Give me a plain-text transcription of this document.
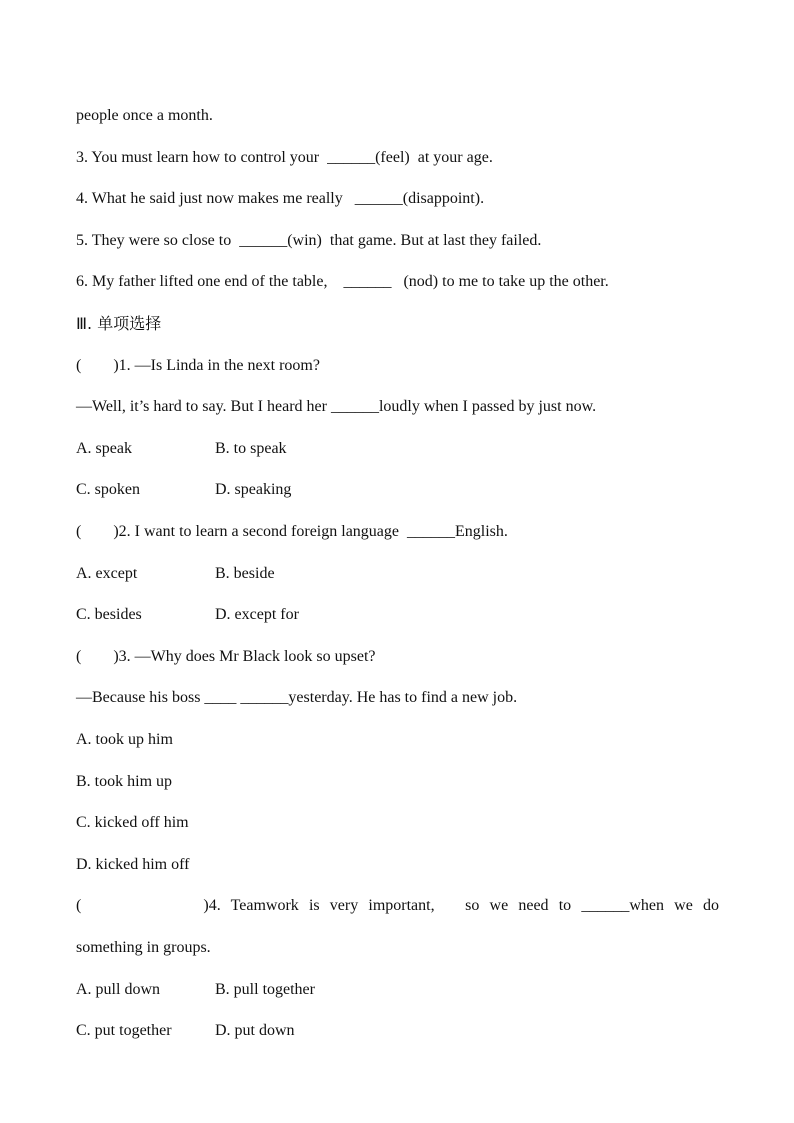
people once a month.
3. You must learn how to control your  ______(feel)  at your age.
4. What he said just now makes me really   ______(disappoint).
5. They were so close to  ______(win)  that game. But at last they failed.
6. My father lifted one end of the table,    ______   (nod) to me to take up the other.
Ⅲ. 单项选择
(        )1. —Is Linda in the next room?
—Well, it’s hard to say. But I heard her ______loudly when I passed by just now.
A. speak	B. to speak
C. spoken	D. speaking
(        )2. I want to learn a second foreign language  ______English.
A. except	B. beside
C. besides	D. except for
(        )3. —Why does Mr Black look so upset?
—Because his boss ____ ______yesterday. He has to find a new job.
A. took up him
B. took him up
C. kicked off him
D. kicked him off
(            )4. Teamwork is very important,   so we need to ______when we do
something in groups.
A. pull down	B. pull together
C. put together	D. put down
